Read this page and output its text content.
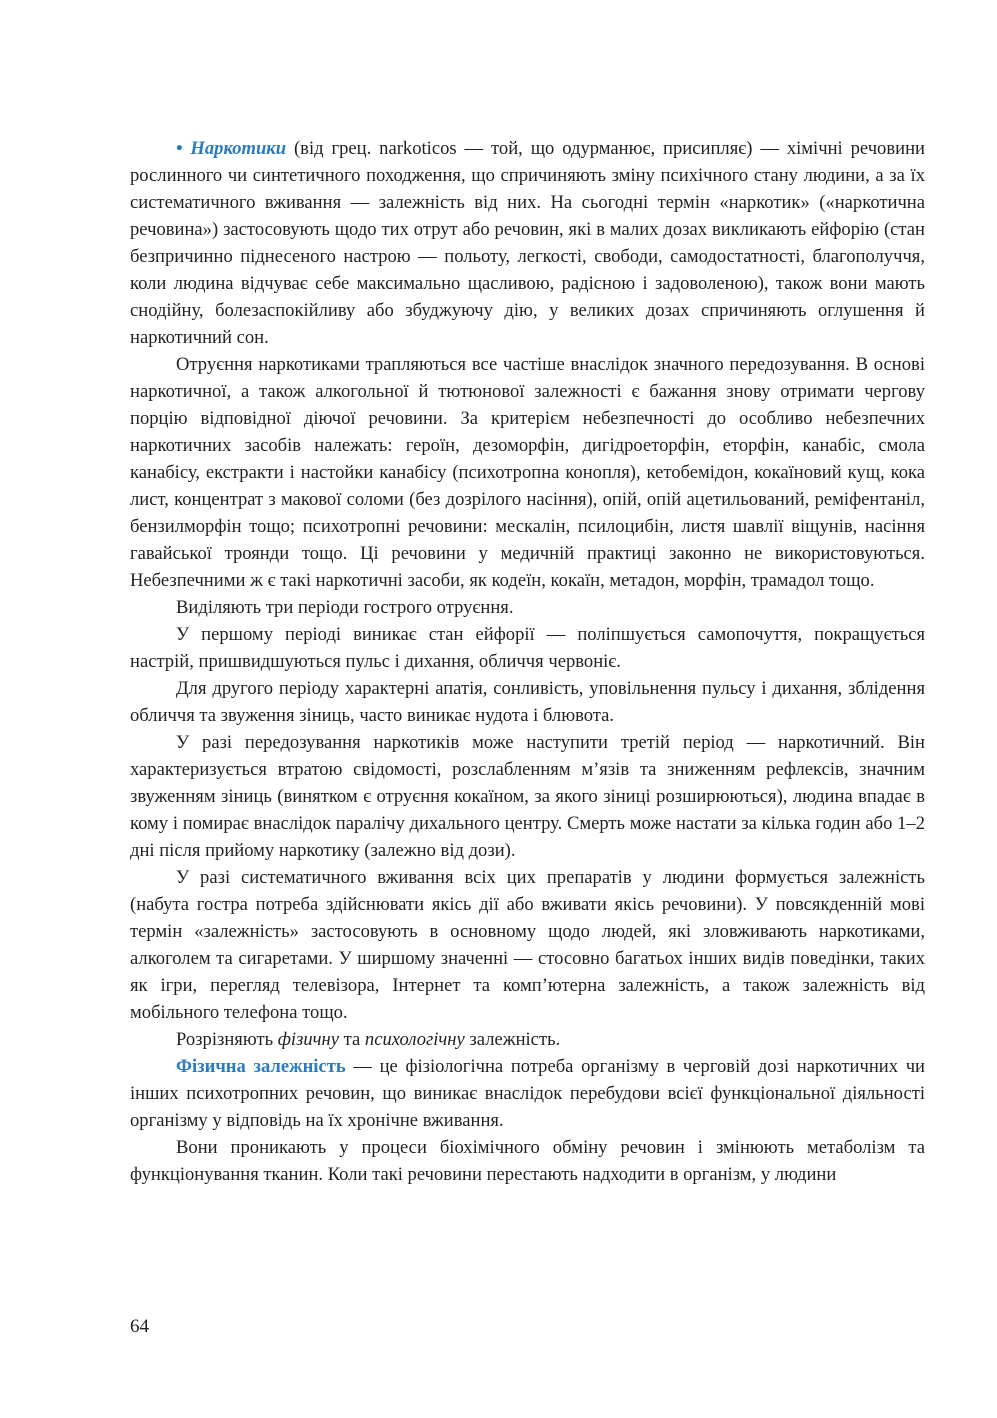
• Наркотики (від грец. narkoticos — той, що одурманює, присипляє) — хімічні речовини рослинного чи синтетичного походження, що спричиняють зміну психічного стану людини, а за їх систематичного вживання — залежність від них. На сьогодні термін «наркотик» («наркотична речовина») застосовують щодо тих отрут або речовин, які в малих дозах викликають ейфорію (стан безпричинно піднесеного настрою — польоту, легкості, свободи, самодостатності, благополуччя, коли людина відчуває себе максимально щасливою, радісною і задоволеною), також вони мають снодійну, болезаспокійливу або збуджуючу дію, у великих дозах спричиняють оглушення й наркотичний сон.

Отруєння наркотиками трапляються все частіше внаслідок значного передозування. В основі наркотичної, а також алкогольної й тютюнової залежності є бажання знову отримати чергову порцію відповідної діючої речовини. За критерієм небезпечності до особливо небезпечних наркотичних засобів належать: героїн, дезоморфін, дигідроеторфін, еторфін, канабіс, смола канабісу, екстракти і настойки канабісу (психотропна конопля), кетобемідон, кокаїновий кущ, кока лист, концентрат з макової соломи (без дозрілого насіння), опій, опій ацетильований, реміфентаніл, бензилморфін тощо; психотропні речовини: мескалін, псилоцибін, листя шавлії віщунів, насіння гавайської троянди тощо. Ці речовини у медичній практиці законно не використовуються. Небезпечними ж є такі наркотичні засоби, як кодеїн, кокаїн, метадон, морфін, трамадол тощо.

Виділяють три періоди гострого отруєння.

У першому періоді виникає стан ейфорії — поліпшується самопочуття, покращується настрій, пришвидшуються пульс і дихання, обличчя червоніє.

Для другого періоду характерні апатія, сонливість, уповільнення пульсу і дихання, зблідення обличчя та звуження зіниць, часто виникає нудота і блювота.

У разі передозування наркотиків може наступити третій період — наркотичний. Він характеризується втратою свідомості, розслабленням м’язів та зниженням рефлексів, значним звуженням зіниць (винятком є отруєння кокаїном, за якого зіниці розширюються), людина впадає в кому і помирає внаслідок паралічу дихального центру. Смерть може настати за кілька годин або 1–2 дні після прийому наркотику (залежно від дози).

У разі систематичного вживання всіх цих препаратів у людини формується залежність (набута гостра потреба здійснювати якісь дії або вживати якісь речовини). У повсякденній мові термін «залежність» застосовують в основному щодо людей, які зловживають наркотиками, алкоголем та сигаретами. У ширшому значенні — стосовно багатьох інших видів поведінки, таких як ігри, перегляд телевізора, Інтернет та комп’ютерна залежність, а також залежність від мобільного телефона тощо.

Розрізняють фізичну та психологічну залежність.

Фізична залежність — це фізіологічна потреба організму в черговій дозі наркотичних чи інших психотропних речовин, що виникає внаслідок перебудови всієї функціональної діяльності організму у відповідь на їх хронічне вживання.

Вони проникають у процеси біохімічного обміну речовин і змінюють метаболізм та функціонування тканин. Коли такі речовини перестають надходити в організм, у людини

64
